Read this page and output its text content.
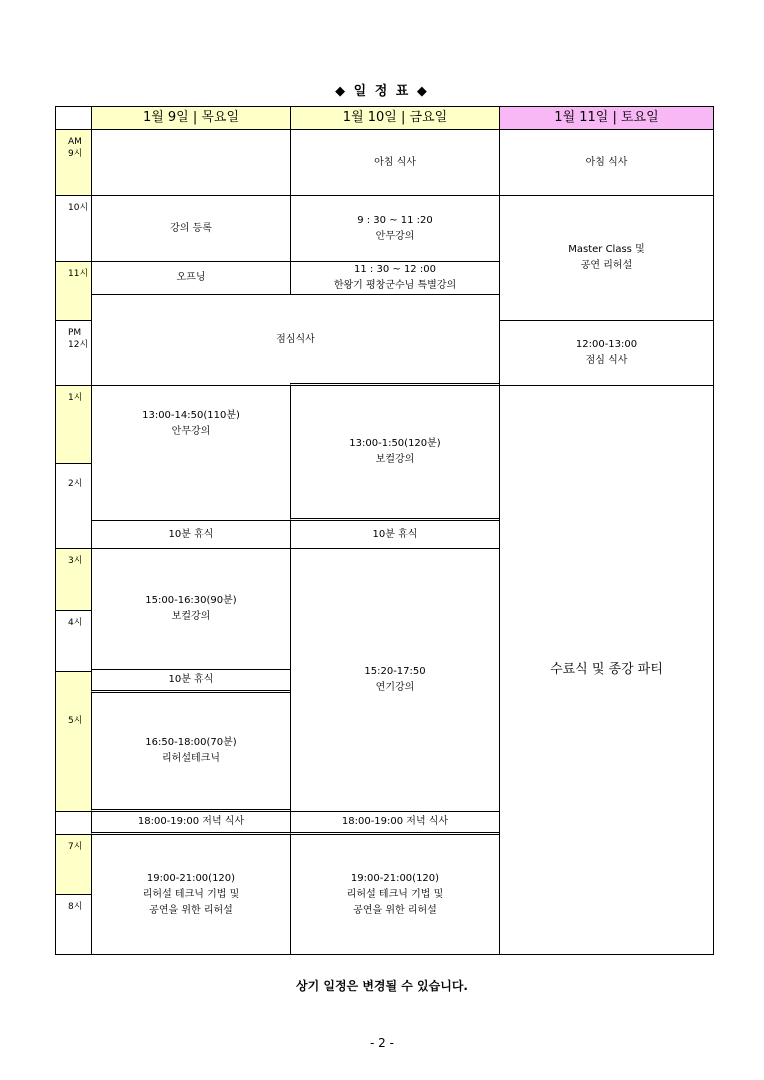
◆ 일 정 표 ◆
1월 9일 | 목요일	1월 10일 | 금요일	1월 11일 | 토요일
AM
9시
10시
11시
PM
12시
1시
2시
3시
4시
5시
7시
8시
강의 등록
오프닝
점심식사
13:00-14:50(110분)
안무강의
10분 휴식
15:00-16:30(90분)
보컬강의
10분 휴식
16:50-18:00(70분)
리허설테크닉
18:00-19:00 저녁 식사
19:00-21:00(120)
리허설 테크닉 기법 및
공연을 위한 리허설
아침 식사
9 : 30 ~ 11 :20
안무강의
11 : 30 ~ 12 :00
한왕기 평창군수님 특별강의
13:00-1:50(120분)
보컬강의
10분 휴식
15:20-17:50
연기강의
18:00-19:00 저녁 식사
19:00-21:00(120)
리허설 테크닉 기법 및
공연을 위한 리허설
아침 식사
Master Class 및
공연 리허설
12:00-13:00
점심 식사
수료식 및 종강 파티
상기 일정은 변경될 수 있습니다.
- 2 -
